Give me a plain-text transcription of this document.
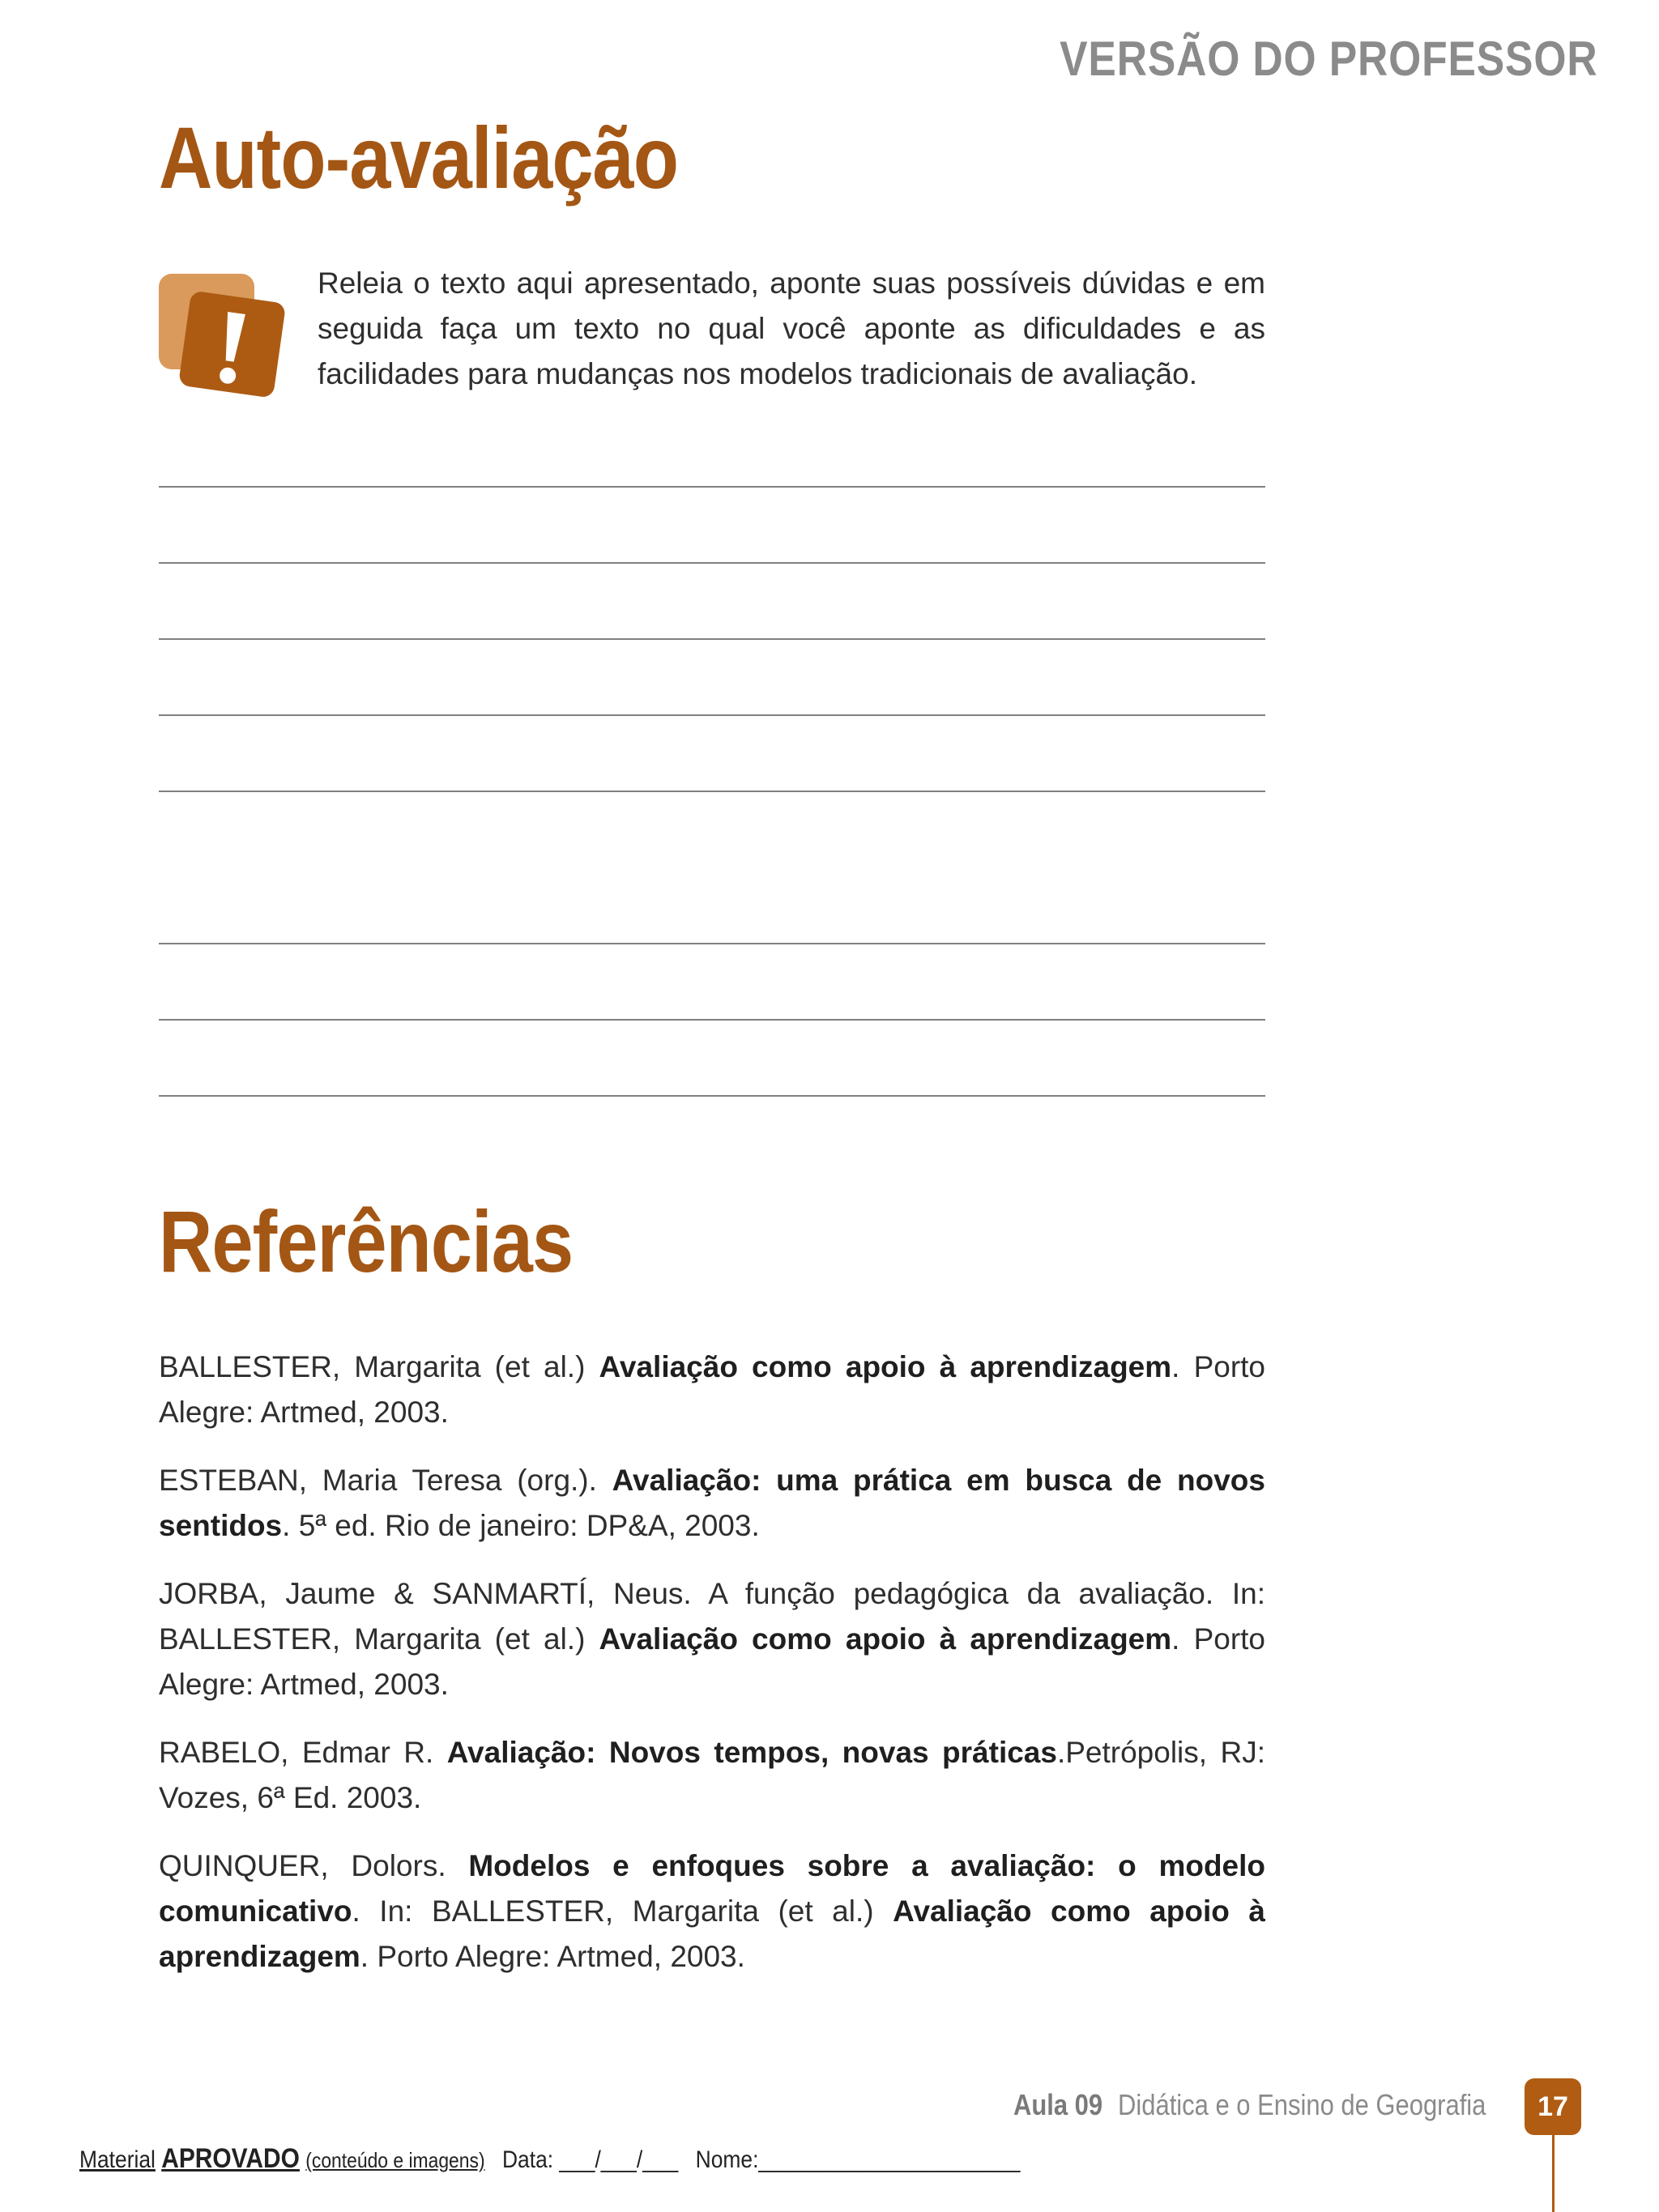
VERSÃO DO PROFESSOR
Auto-avaliação
Releia o texto aqui apresentado, aponte suas possíveis dúvidas e em seguida faça um texto no qual você aponte as dificuldades e as facilidades para mudanças nos modelos tradicionais de avaliação.
Referências

BALLESTER, Margarita (et al.) Avaliação como apoio à aprendizagem. Porto Alegre: Artmed, 2003.

ESTEBAN, Maria Teresa (org.). Avaliação: uma prática em busca de novos sentidos. 5ª ed. Rio de janeiro: DP&A, 2003.

JORBA, Jaume & SANMARTÍ, Neus. A função pedagógica da avaliação. In: BALLESTER, Margarita (et al.) Avaliação como apoio à aprendizagem. Porto Alegre: Artmed, 2003.

RABELO, Edmar R. Avaliação: Novos tempos, novas práticas.Petrópolis, RJ: Vozes, 6ª Ed. 2003.

QUINQUER, Dolors. Modelos e enfoques sobre a avaliação: o modelo comunicativo. In: BALLESTER, Margarita (et al.) Avaliação como apoio à aprendizagem. Porto Alegre: Artmed, 2003.

Aula 09 Didática e o Ensino de Geografia	17
Material APROVADO (conteúdo e imagens) Data: ___/___/___ Nome:______________________
